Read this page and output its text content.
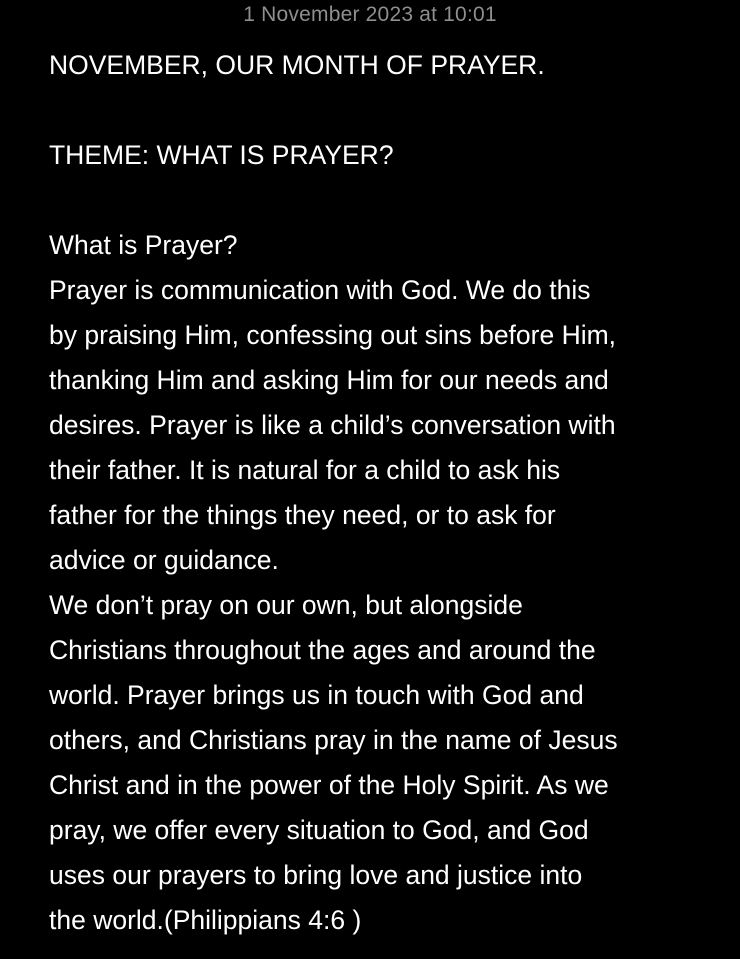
1 November 2023 at 10:01
NOVEMBER, OUR MONTH OF PRAYER.
THEME: WHAT IS PRAYER?
What is Prayer?
Prayer is communication with God. We do this
by praising Him, confessing out sins before Him,
thanking Him and asking Him for our needs and
desires. Prayer is like a child’s conversation with
their father. It is natural for a child to ask his
father for the things they need, or to ask for
advice or guidance.
We don’t pray on our own, but alongside
Christians throughout the ages and around the
world. Prayer brings us in touch with God and
others, and Christians pray in the name of Jesus
Christ and in the power of the Holy Spirit. As we
pray, we offer every situation to God, and God
uses our prayers to bring love and justice into
the world.(Philippians 4:6 )
